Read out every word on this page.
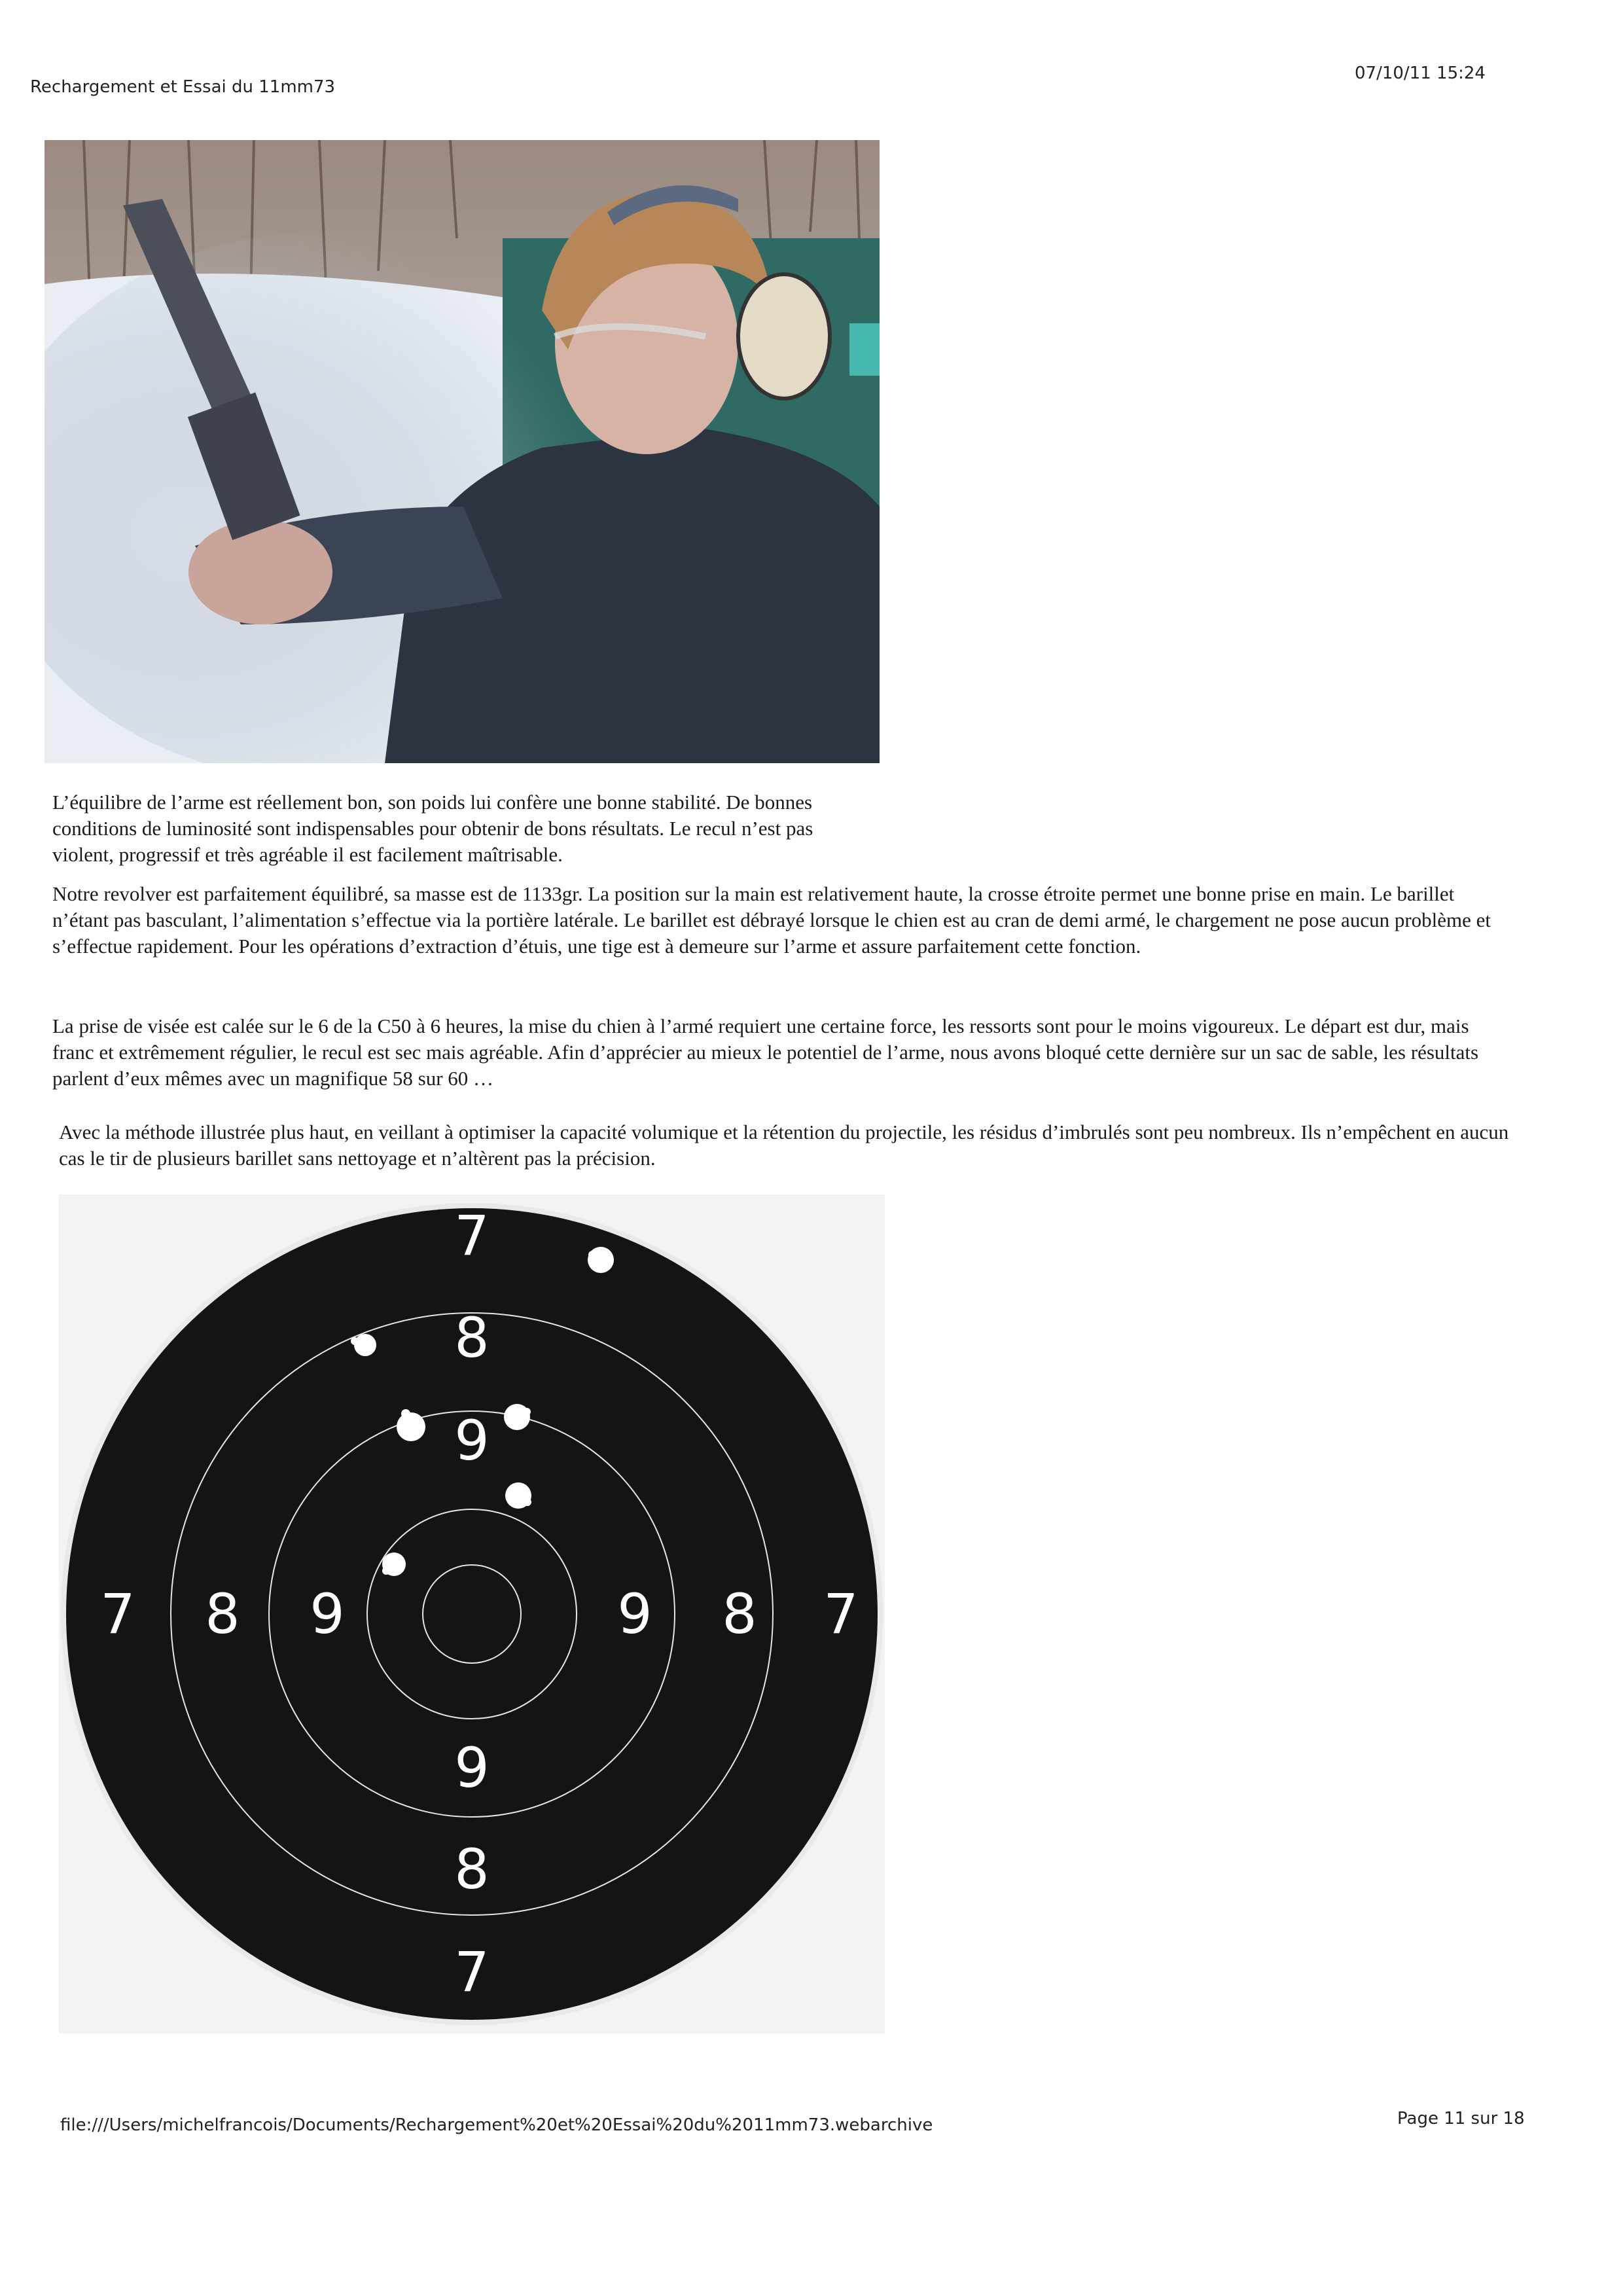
Rechargement et Essai du 11mm73
07/10/11 15:24
L’équilibre de l’arme est réellement bon, son poids lui confère une bonne stabilité. De bonnes conditions de luminosité sont indispensables pour obtenir de bons résultats. Le recul n’est pas violent, progressif et très agréable il est facilement maîtrisable.
Notre revolver est parfaitement équilibré, sa masse est de 1133gr. La position sur la main est relativement haute, la crosse étroite permet une bonne prise en main. Le barillet n’étant pas basculant, l’alimentation s’effectue via la portière latérale. Le barillet est débrayé lorsque le chien est au cran de demi armé, le chargement ne pose aucun problème et s’effectue rapidement. Pour les opérations d’extraction d’étuis, une tige est à demeure sur l’arme et assure parfaitement cette fonction.
La prise de visée est calée sur le 6 de la C50 à 6 heures, la mise du chien à l’armé requiert une certaine force, les ressorts sont pour le moins vigoureux. Le départ est dur, mais franc et extrêmement régulier, le recul est sec mais agréable. Afin d’apprécier au mieux le potentiel de l’arme, nous avons bloqué cette dernière sur un sac de sable, les résultats parlent d’eux mêmes avec un magnifique 58 sur 60 …
Avec la méthode illustrée plus haut, en veillant à optimiser la capacité volumique et la rétention du projectile, les résidus d’imbrulés sont peu nombreux. Ils n’empêchent en aucun cas le tir de plusieurs barillet sans nettoyage et n’altèrent pas la précision.
7
8
9
7 8 9	9 8 7
9
8
7
file:///Users/michelfrancois/Documents/Rechargement%20et%20Essai%20du%2011mm73.webarchive	Page 11 sur 18
